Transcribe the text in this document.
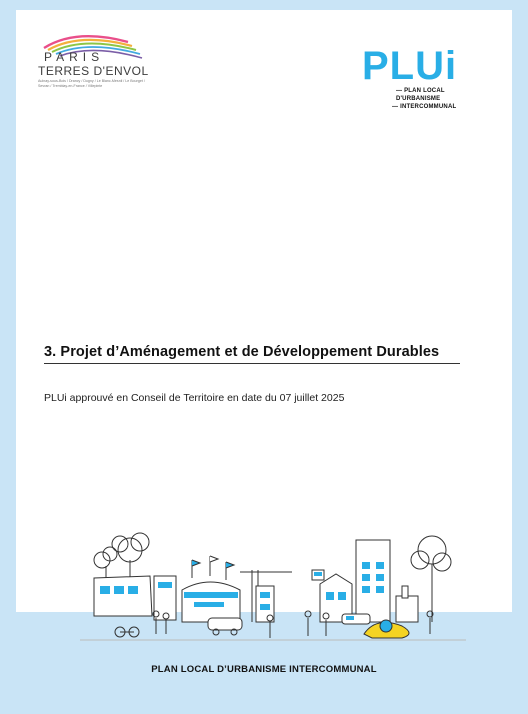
PARIS
TERRES D'ENVOL
Aulnay-sous-Bois / Drancy / Dugny / Le Blanc-Mesnil / Le Bourget / Sevran / Tremblay-en-France / Villepinte	PLUi
— PLAN LOCAL
D'URBANISME
— INTERCOMMUNAL
3. Projet d’Aménagement et de Développement Durables
PLUi approuvé en Conseil de Territoire en date du 07 juillet 2025
PLAN LOCAL D’URBANISME INTERCOMMUNAL
